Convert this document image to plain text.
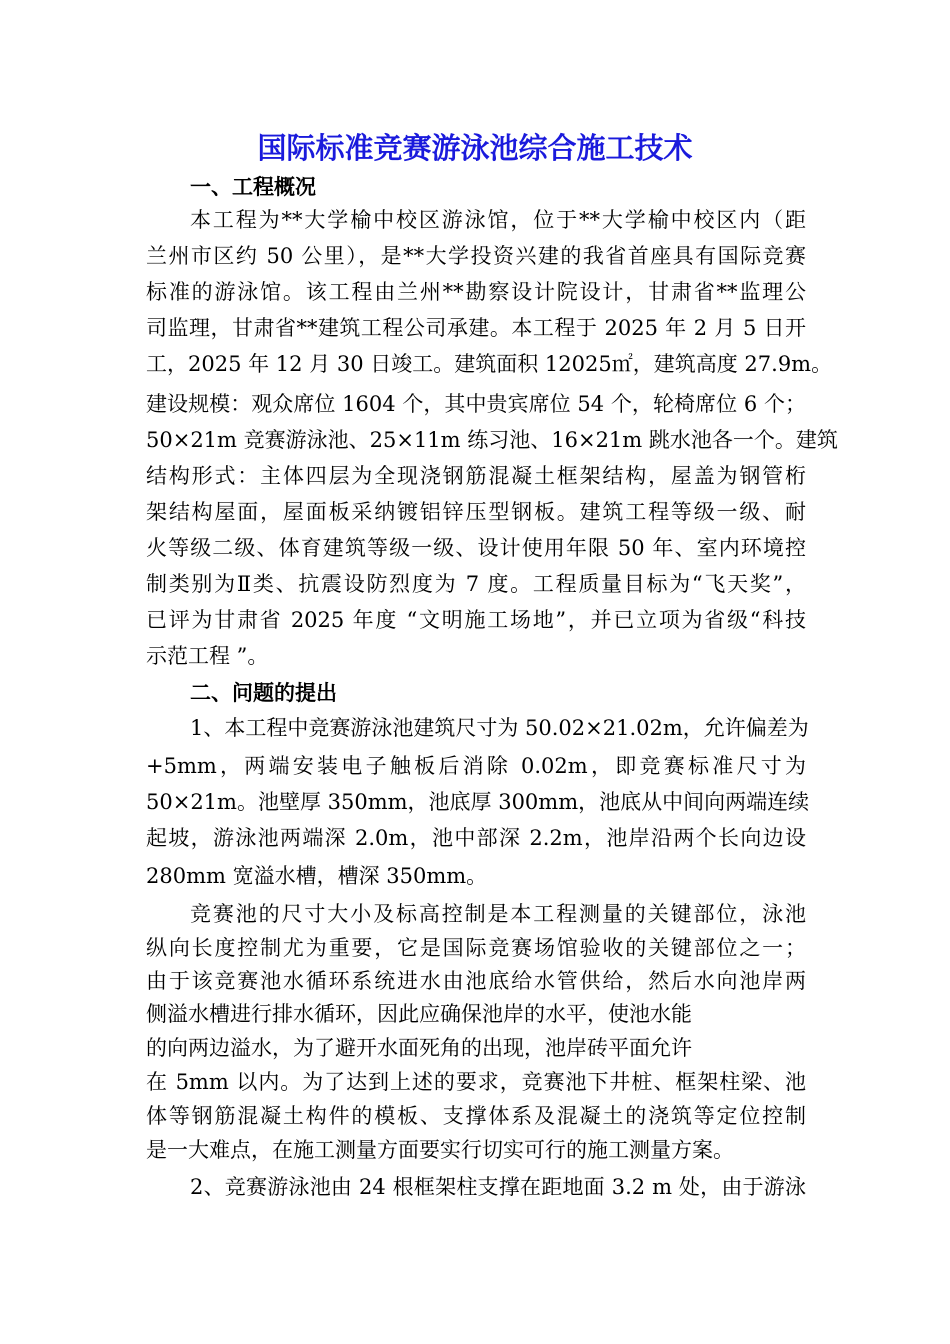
国际标准竞赛游泳池综合施工技术
一、工程概况
本工程为**大学榆中校区游泳馆，位于**大学榆中校区内（距
兰州市区约 50 公里），是**大学投资兴建的我省首座具有国际竞赛
标准的游泳馆。该工程由兰州**勘察设计院设计，甘肃省**监理公
司监理，甘肃省**建筑工程公司承建。本工程于 2025 年 2 月 5 日开
工，2025 年 12 月 30 日竣工。建筑面积 12025㎡，建筑高度 27.9m。
建设规模：观众席位 1604 个，其中贵宾席位 54 个，轮椅席位 6 个；
50×21m 竞赛游泳池、25×11m 练习池、16×21m 跳水池各一个。建筑
结构形式：主体四层为全现浇钢筋混凝土框架结构，屋盖为钢管桁
架结构屋面，屋面板采纳镀铝锌压型钢板。建筑工程等级一级、耐
火等级二级、体育建筑等级一级、设计使用年限 50 年、室内环境控
制类别为Ⅱ类、抗震设防烈度为 7 度。工程质量目标为“飞天奖”，
已评为甘肃省 2025 年度 “文明施工场地”，并已立项为省级“科技
示范工程 ”。
二、问题的提出
1、本工程中竞赛游泳池建筑尺寸为 50.02×21.02m，允许偏差为
+5mm，两端安装电子触板后消除 0.02m，即竞赛标准尺寸为
50×21m。池壁厚 350mm，池底厚 300mm，池底从中间向两端连续
起坡，游泳池两端深 2.0m，池中部深 2.2m，池岸沿两个长向边设
280mm 宽溢水槽，槽深 350mm。
竞赛池的尺寸大小及标高控制是本工程测量的关键部位，泳池
纵向长度控制尤为重要，它是国际竞赛场馆验收的关键部位之一；
由于该竞赛池水循环系统进水由池底给水管供给，然后水向池岸两
侧溢水槽进行排水循环，因此应确保池岸的水平，使池水能
的向两边溢水，为了避开水面死角的出现，池岸砖平面允许
在 5mm 以内。为了达到上述的要求，竞赛池下井桩、框架柱梁、池
体等钢筋混凝土构件的模板、支撑体系及混凝土的浇筑等定位控制
是一大难点，在施工测量方面要实行切实可行的施工测量方案。
2、竞赛游泳池由 24 根框架柱支撑在距地面 3.2 m 处，由于游泳
